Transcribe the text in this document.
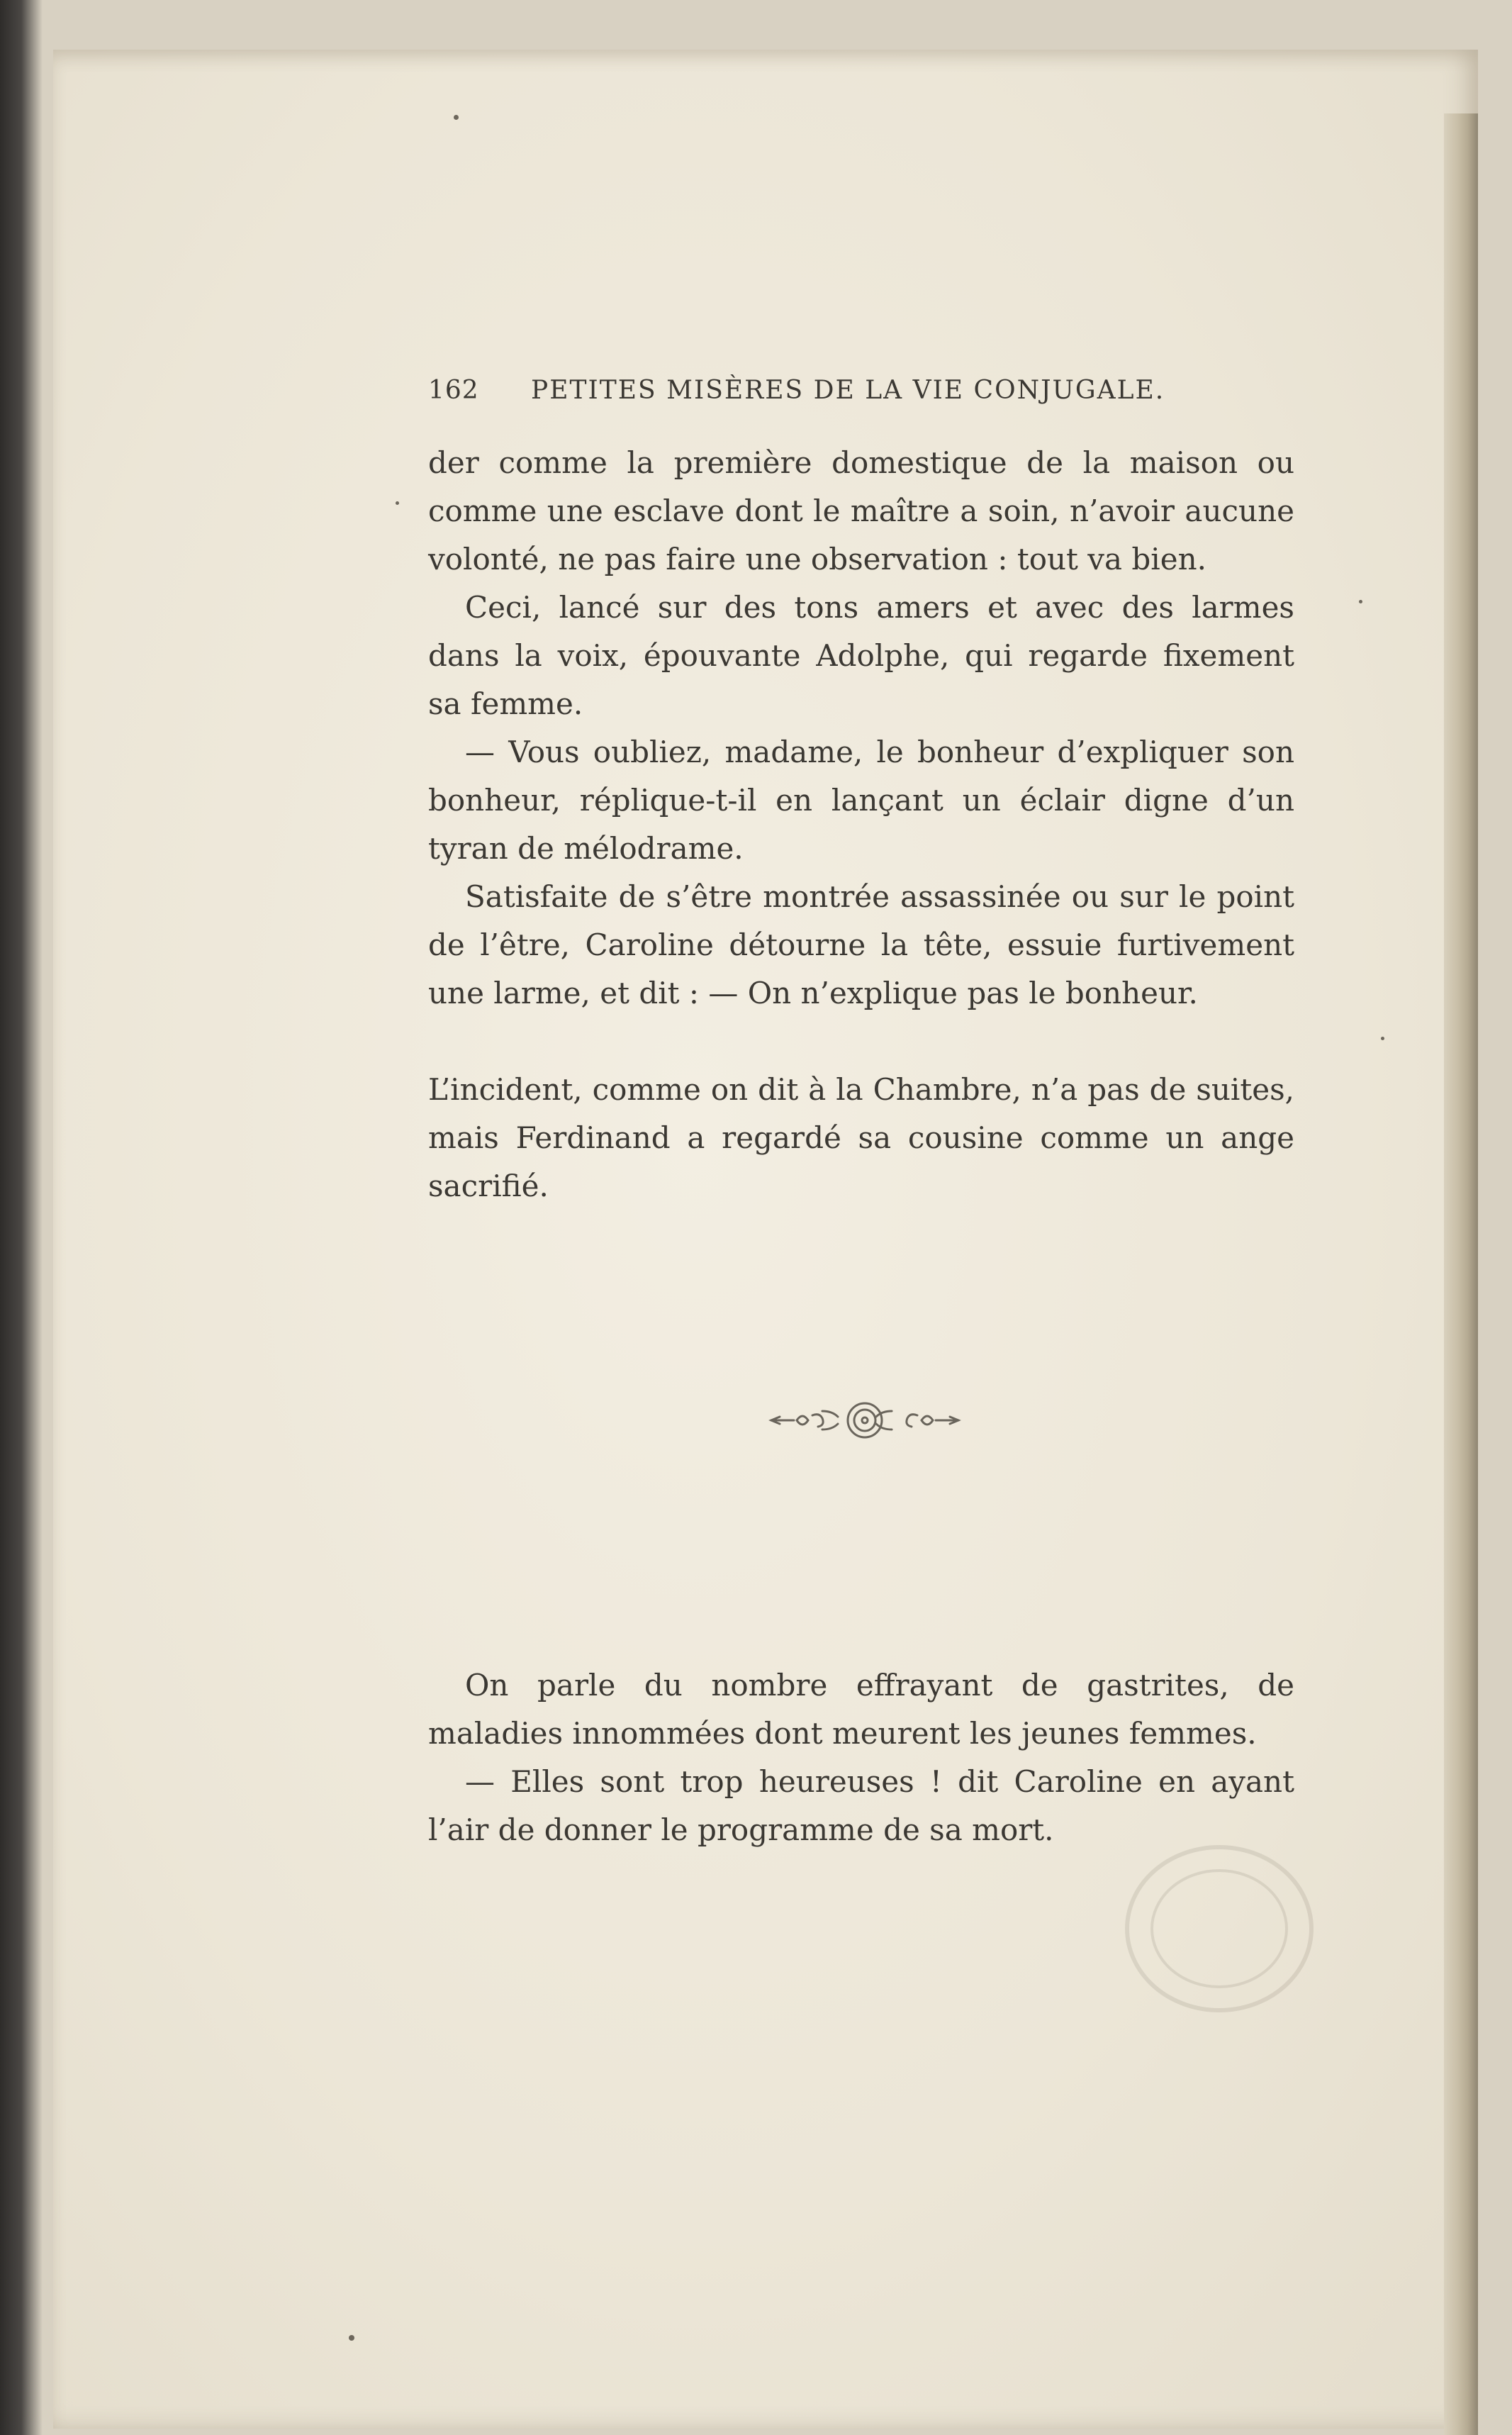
162	PETITES MISÈRES DE LA VIE CONJUGALE.

der comme la première domestique de la maison ou comme une esclave dont le maître a soin, n’avoir aucune volonté, ne pas faire une observation : tout va bien.

Ceci, lancé sur des tons amers et avec des larmes dans la voix, épouvante Adolphe, qui regarde fixement sa femme.

— Vous oubliez, madame, le bonheur d’expliquer son bonheur, réplique-t-il en lançant un éclair digne d’un tyran de mélodrame.

Satisfaite de s’être montrée assassinée ou sur le point de l’être, Caroline détourne la tête, essuie furtivement une larme, et dit : — On n’explique pas le bonheur.

L’incident, comme on dit à la Chambre, n’a pas de suites, mais Ferdinand a regardé sa cousine comme un ange sacrifié.

On parle du nombre effrayant de gastrites, de maladies innommées dont meurent les jeunes femmes.

— Elles sont trop heureuses ! dit Caroline en ayant l’air de donner le programme de sa mort.
